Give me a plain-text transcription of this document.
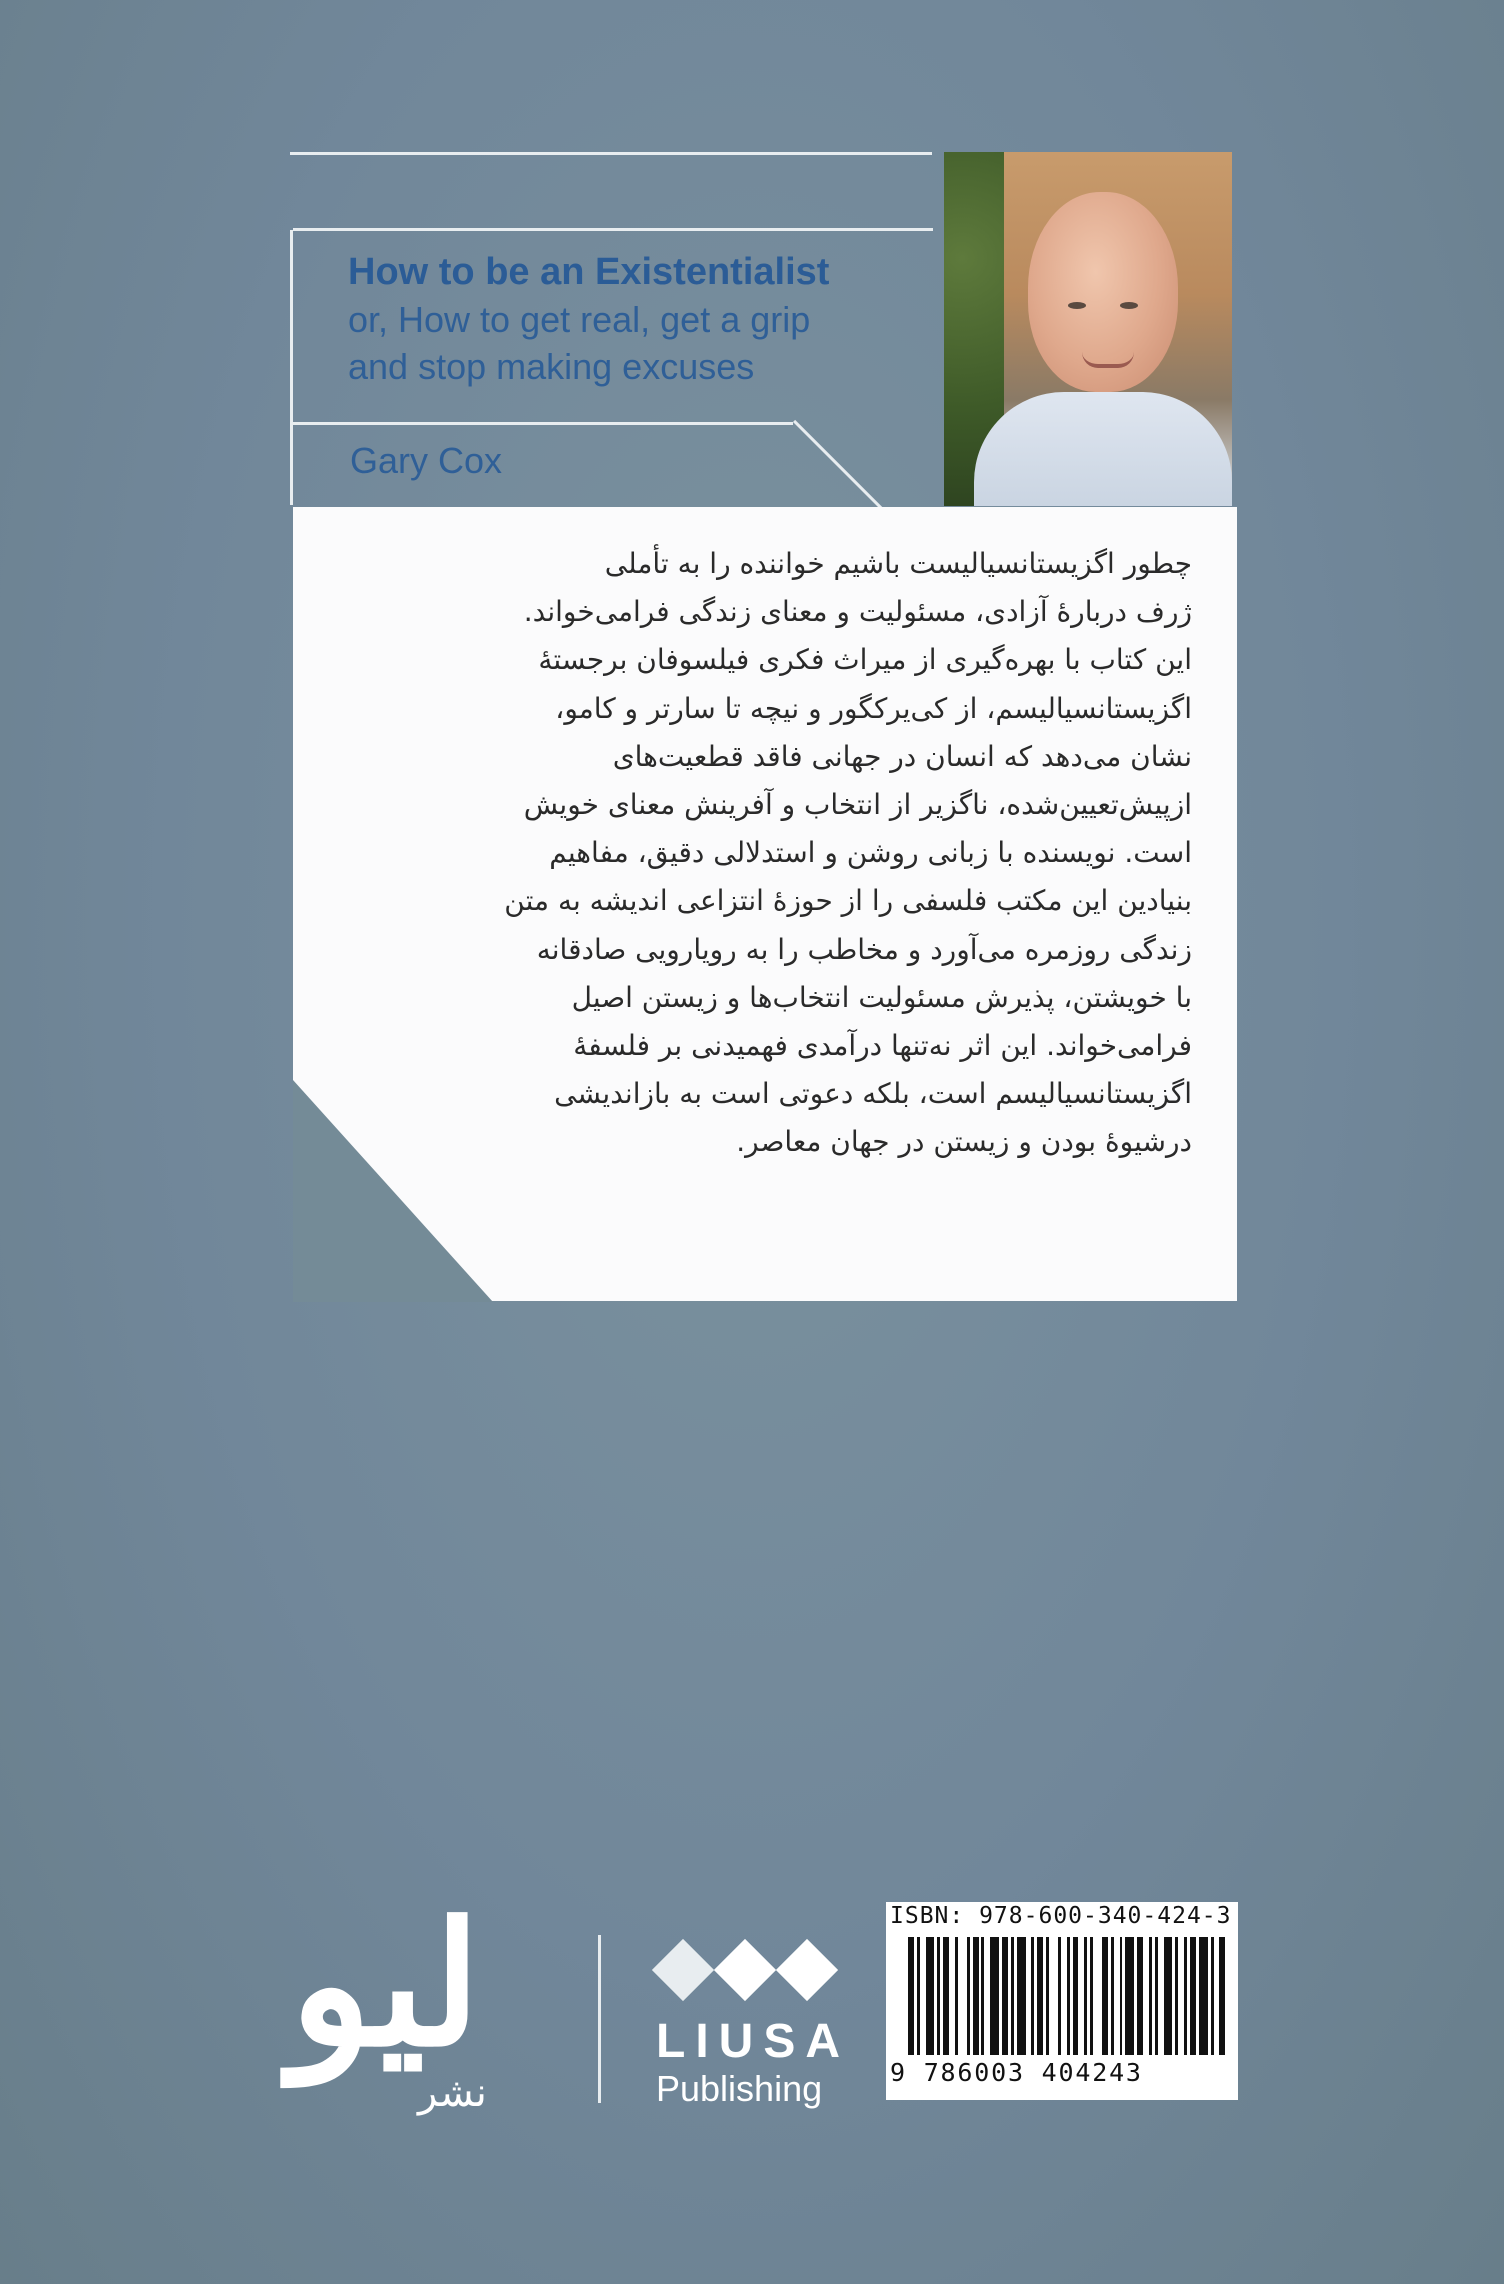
How to be an Existentialist

or, How to get real, get a grip

and stop making excuses

Gary Cox
چطور اگزیستانسیالیست باشیم خواننده را به تأملی
ژرف دربارهٔ آزادی، مسئولیت و معنای زندگی فرامی‌خواند.
این کتاب با بهره‌گیری از میراث فکری فیلسوفان برجستهٔ
اگزیستانسیالیسم، از کی‌یرکگور و نیچه تا سارتر و کامو،
نشان می‌دهد که انسان در جهانی فاقد قطعیت‌های
ازپیش‌تعیین‌شده، ناگزیر از انتخاب و آفرینش معنای خویش
است. نویسنده با زبانی روشن و استدلالی دقیق، مفاهیم
بنیادین این مکتب فلسفی را از حوزهٔ انتزاعی اندیشه به متن
زندگی روزمره می‌آورد و مخاطب را به رویارویی صادقانه
با خویشتن، پذیرش مسئولیت انتخاب‌ها و زیستن اصیل
فرامی‌خواند. این اثر نه‌تنها درآمدی فهمیدنی بر فلسفهٔ
اگزیستانسیالیسم است، بلکه دعوتی است به بازاندیشی
درشیوهٔ بودن و زیستن در جهان معاصر.
لیو
نشر
LIUSA
Publishing
ISBN: 978-600-340-424-3
9 786003 404243
